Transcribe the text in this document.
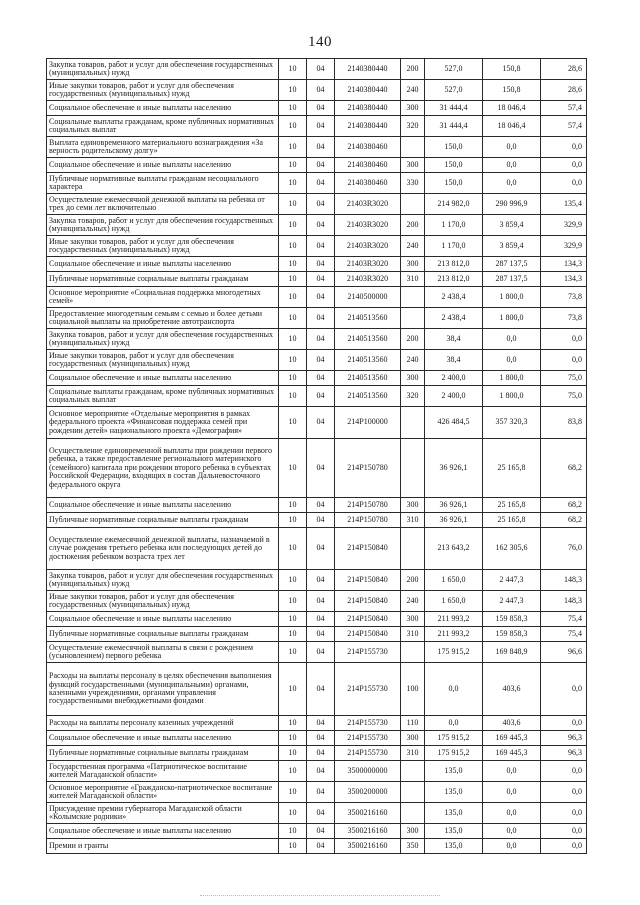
140
Закупка товаров, работ и услуг для обеспечения государственных (муниципальных) нужд	10	04	2140380440	200	527,0	150,8	28,6
Иные закупки товаров, работ и услуг для обеспечения государственных (муниципальных) нужд	10	04	2140380440	240	527,0	150,8	28,6
Социальное обеспечение и иные выплаты населению	10	04	2140380440	300	31 444,4	18 046,4	57,4
Социальные выплаты гражданам, кроме публичных нормативных социальных выплат	10	04	2140380440	320	31 444,4	18 046,4	57,4
Выплата единовременного материального вознаграждения «За верность родительскому долгу»	10	04	2140380460		150,0	0,0	0,0
Социальное обеспечение и иные выплаты населению	10	04	2140380460	300	150,0	0,0	0,0
Публичные нормативные выплаты гражданам несоциального характера	10	04	2140380460	330	150,0	0,0	0,0
Осуществление ежемесячной денежной выплаты на ребенка от трех до семи лет включительно	10	04	21403R3020		214 982,0	290 996,9	135,4
Закупка товаров, работ и услуг для обеспечения государственных (муниципальных) нужд	10	04	21403R3020	200	1 170,0	3 859,4	329,9
Иные закупки товаров, работ и услуг для обеспечения государственных (муниципальных) нужд	10	04	21403R3020	240	1 170,0	3 859,4	329,9
Социальное обеспечение и иные выплаты населению	10	04	21403R3020	300	213 812,0	287 137,5	134,3
Публичные нормативные социальные выплаты гражданам	10	04	21403R3020	310	213 812,0	287 137,5	134,3
Основное мероприятие «Социальная поддержка многодетных семей»	10	04	2140500000		2 438,4	1 800,0	73,8
Предоставление многодетным семьям с семью и более детьми социальной выплаты на приобретение автотранспорта	10	04	2140513560		2 438,4	1 800,0	73,8
Закупка товаров, работ и услуг для обеспечения государственных (муниципальных) нужд	10	04	2140513560	200	38,4	0,0	0,0
Иные закупки товаров, работ и услуг для обеспечения государственных (муниципальных) нужд	10	04	2140513560	240	38,4	0,0	0,0
Социальное обеспечение и иные выплаты населению	10	04	2140513560	300	2 400,0	1 800,0	75,0
Социальные выплаты гражданам, кроме публичных нормативных социальных выплат	10	04	2140513560	320	2 400,0	1 800,0	75,0
Основное мероприятие «Отдельные мероприятия в рамках федерального проекта «Финансовая поддержка семей при рождении детей» национального проекта «Демография»	10	04	214P100000		426 484,5	357 320,3	83,8
Осуществление единовременной выплаты при рождении первого ребенка, а также предоставление регионального материнского (семейного) капитала при рождении второго ребенка в субъектах Российской Федерации, входящих в состав Дальневосточного федерального округа	10	04	214P150780		36 926,1	25 165,8	68,2
Социальное обеспечение и иные выплаты населению	10	04	214P150780	300	36 926,1	25 165,8	68,2
Публичные нормативные социальные выплаты гражданам	10	04	214P150780	310	36 926,1	25 165,8	68,2
Осуществление ежемесячной денежной выплаты, назначаемой в случае рождения третьего ребенка или последующих детей до достижения ребенком возраста трех лет	10	04	214P150840		213 643,2	162 305,6	76,0
Закупка товаров, работ и услуг для обеспечения государственных (муниципальных) нужд	10	04	214P150840	200	1 650,0	2 447,3	148,3
Иные закупки товаров, работ и услуг для обеспечения государственных (муниципальных) нужд	10	04	214P150840	240	1 650,0	2 447,3	148,3
Социальное обеспечение и иные выплаты населению	10	04	214P150840	300	211 993,2	159 858,3	75,4
Публичные нормативные социальные выплаты гражданам	10	04	214P150840	310	211 993,2	159 858,3	75,4
Осуществление ежемесячной выплаты в связи с рождением (усыновлением) первого ребенка	10	04	214P155730		175 915,2	169 848,9	96,6
Расходы на выплаты персоналу в целях обеспечения выполнения функций государственными (муниципальными) органами, казенными учреждениями, органами управления государственными внебюджетными фондами	10	04	214P155730	100	0,0	403,6	0,0
Расходы на выплаты персоналу казенных учреждений	10	04	214P155730	110	0,0	403,6	0,0
Социальное обеспечение и иные выплаты населению	10	04	214P155730	300	175 915,2	169 445,3	96,3
Публичные нормативные социальные выплаты гражданам	10	04	214P155730	310	175 915,2	169 445,3	96,3
Государственная программа «Патриотическое воспитание жителей Магаданской области»	10	04	3500000000		135,0	0,0	0,0
Основное мероприятие «Гражданско-патриотическое воспитание жителей Магаданской области»	10	04	3500200000		135,0	0,0	0,0
Присуждение премии губернатора Магаданской области «Колымские родники»	10	04	3500216160		135,0	0,0	0,0
Социальное обеспечение и иные выплаты населению	10	04	3500216160	300	135,0	0,0	0,0
Премии и гранты	10	04	3500216160	350	135,0	0,0	0,0
